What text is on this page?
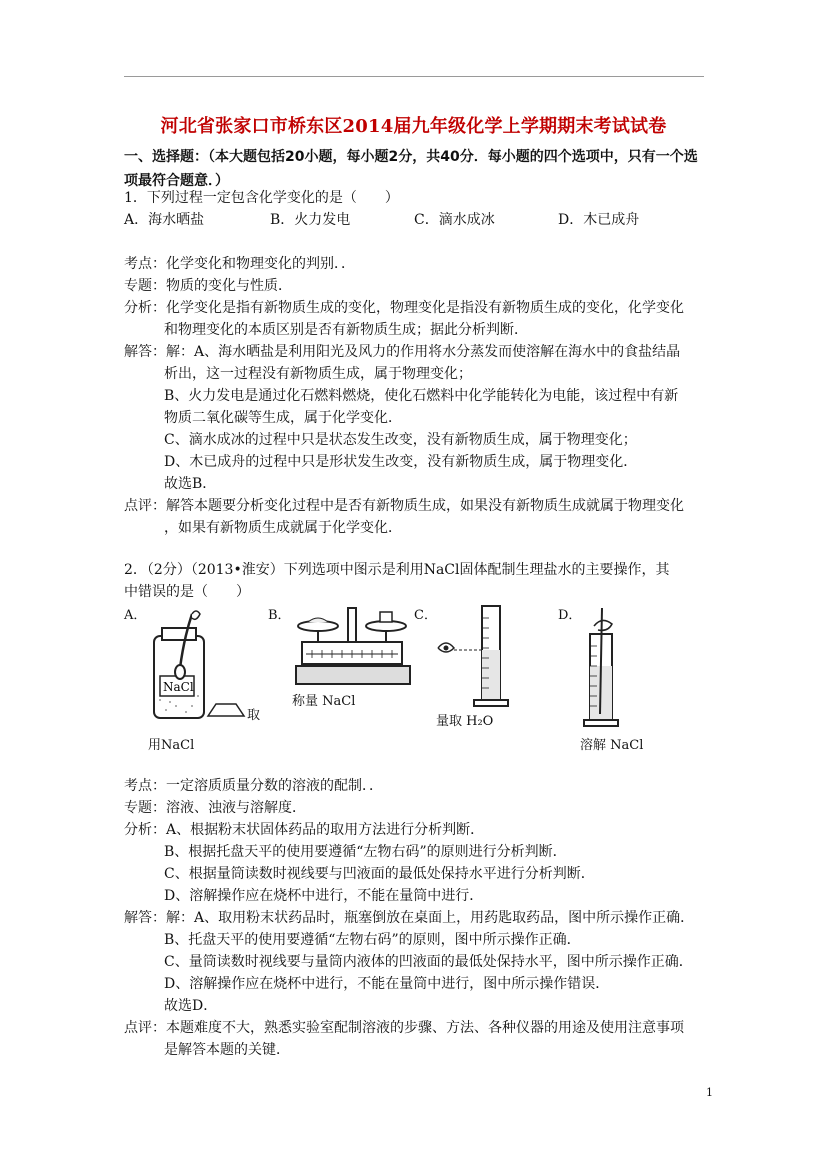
河北省张家口市桥东区2014届九年级化学上学期期末考试试卷
一、选择题：（本大题包括20小题，每小题2分，共40分．每小题的四个选项中，只有一个选项最符合题意．）
1．下列过程一定包含化学变化的是（　　）
A．海水晒盐	B．火力发电	C．滴水成冰	D．木已成舟
考点：化学变化和物理变化的判别．．
专题：物质的变化与性质．
分析：化学变化是指有新物质生成的变化，物理变化是指没有新物质生成的变化，化学变化
和物理变化的本质区别是否有新物质生成；据此分析判断．
解答：解：A、海水晒盐是利用阳光及风力的作用将水分蒸发而使溶解在海水中的食盐结晶
析出，这一过程没有新物质生成，属于物理变化；
B、火力发电是通过化石燃料燃烧，使化石燃料中化学能转化为电能，该过程中有新
物质二氧化碳等生成，属于化学变化．
C、滴水成冰的过程中只是状态发生改变，没有新物质生成，属于物理变化；
D、木已成舟的过程中只是形状发生改变，没有新物质生成，属于物理变化．
故选B．
点评：解答本题要分析变化过程中是否有新物质生成，如果没有新物质生成就属于物理变化
，如果有新物质生成就属于化学变化．
2．（2分）（2013•淮安）下列选项中图示是利用NaCl固体配制生理盐水的主要操作，其
中错误的是（　　）
A．	B．	C．	D．
NaCl
取
用NaCl
称量 NaCl
量取 H₂O
溶解 NaCl
考点：一定溶质质量分数的溶液的配制．．
专题：溶液、浊液与溶解度．
分析：A、根据粉末状固体药品的取用方法进行分析判断．
B、根据托盘天平的使用要遵循“左物右码”的原则进行分析判断．
C、根据量筒读数时视线要与凹液面的最低处保持水平进行分析判断．
D、溶解操作应在烧杯中进行，不能在量筒中进行．
解答：解：A、取用粉末状药品时，瓶塞倒放在桌面上，用药匙取药品，图中所示操作正确．
B、托盘天平的使用要遵循“左物右码”的原则，图中所示操作正确．
C、量筒读数时视线要与量筒内液体的凹液面的最低处保持水平，图中所示操作正确．
D、溶解操作应在烧杯中进行，不能在量筒中进行，图中所示操作错误．
故选D．
点评：本题难度不大，熟悉实验室配制溶液的步骤、方法、各种仪器的用途及使用注意事项
是解答本题的关键．
1
